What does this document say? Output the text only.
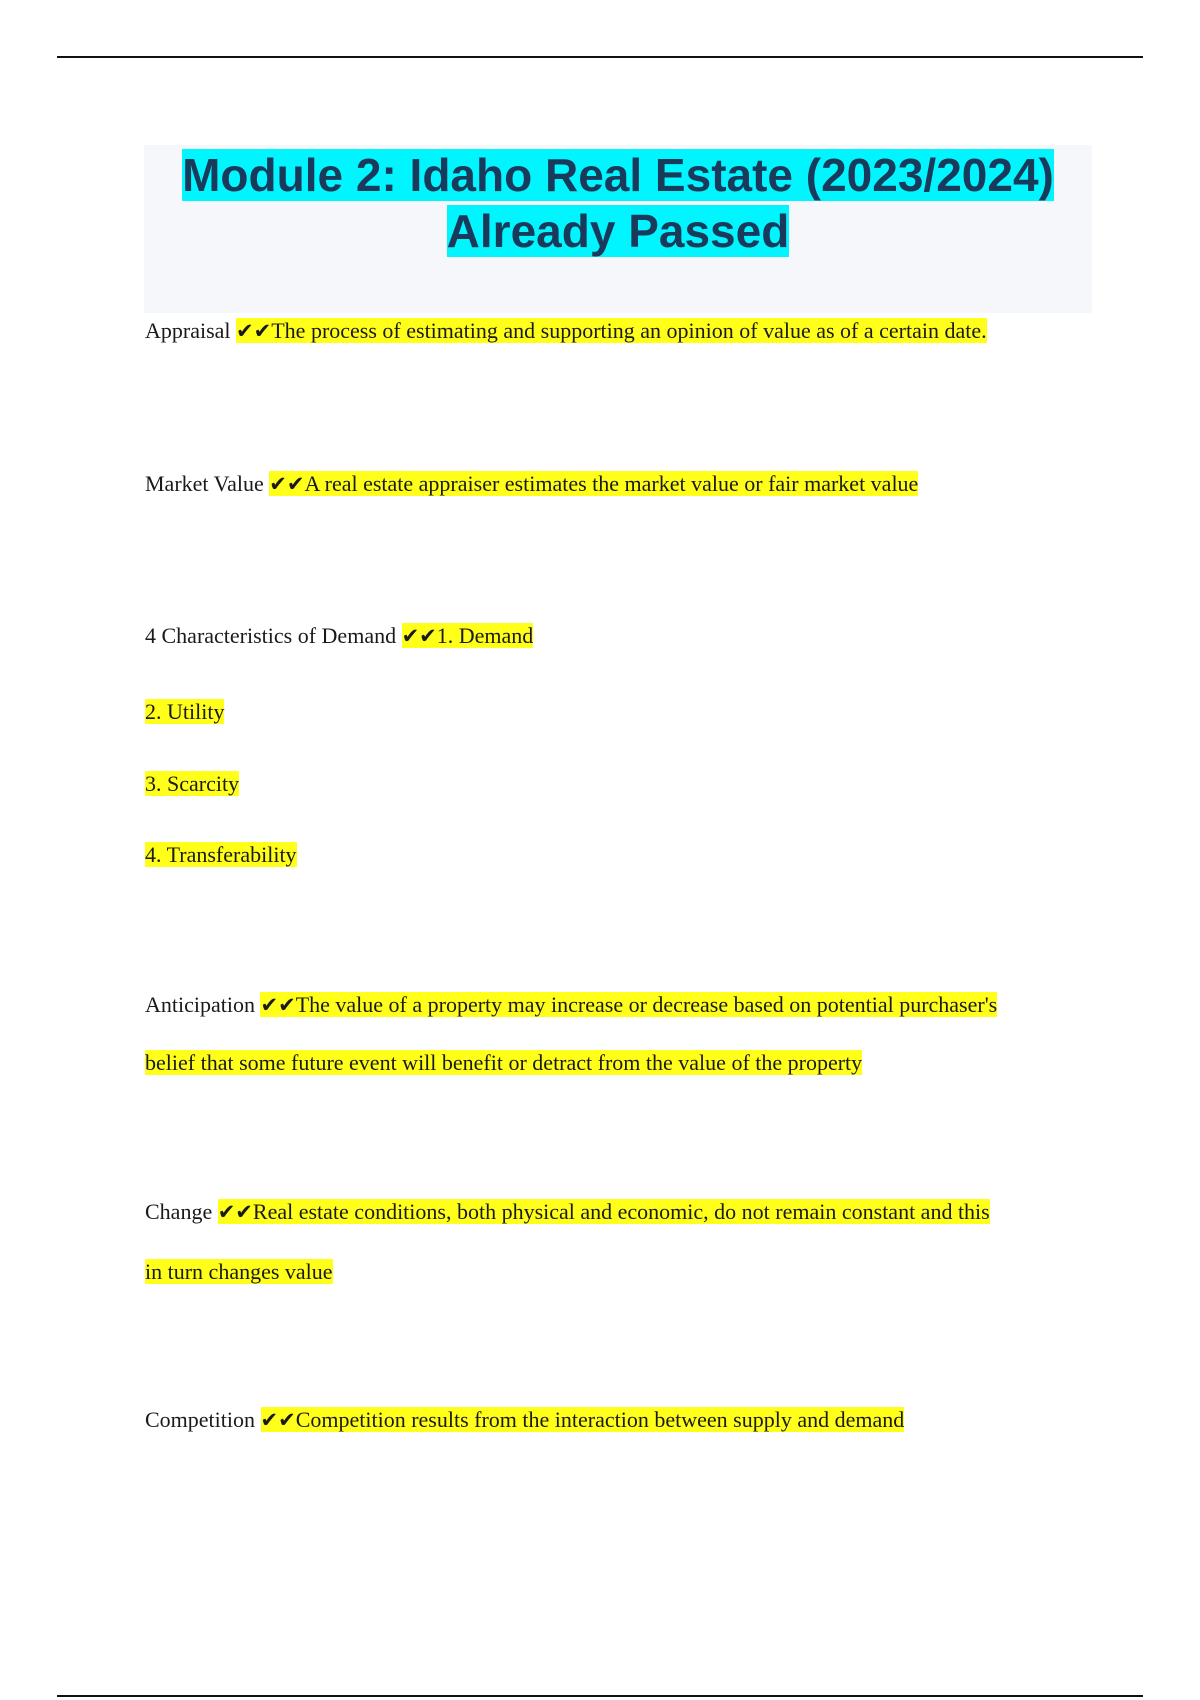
Module 2: Idaho Real Estate (2023/2024)
Already Passed

Appraisal ✔✔The process of estimating and supporting an opinion of value as of a certain date.

Market Value ✔✔A real estate appraiser estimates the market value or fair market value

4 Characteristics of Demand ✔✔1. Demand

2. Utility

3. Scarcity

4. Transferability

Anticipation ✔✔The value of a property may increase or decrease based on potential purchaser's

belief that some future event will benefit or detract from the value of the property

Change ✔✔Real estate conditions, both physical and economic, do not remain constant and this

in turn changes value

Competition ✔✔Competition results from the interaction between supply and demand
